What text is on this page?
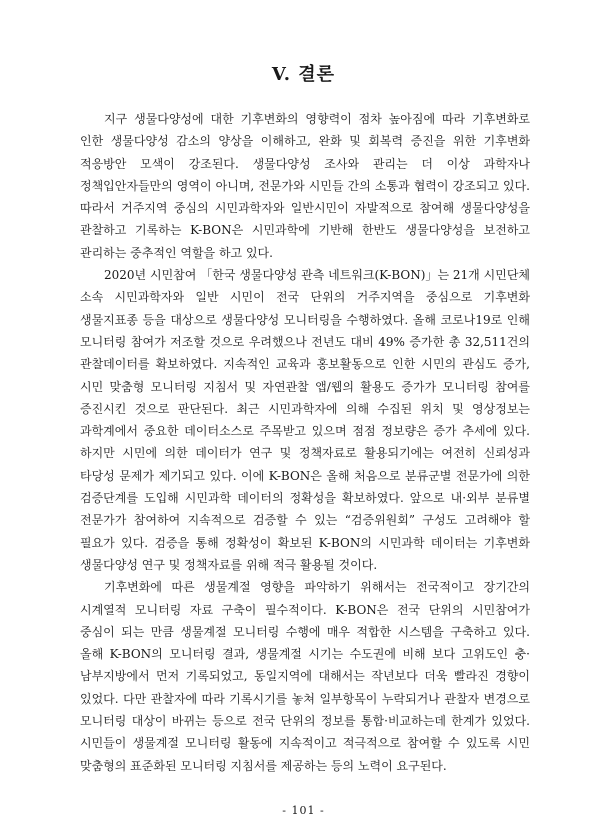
V. 결론

지구 생물다양성에 대한 기후변화의 영향력이 점차 높아짐에 따라 기후변화로 인한 생물다양성 감소의 양상을 이해하고, 완화 및 회복력 증진을 위한 기후변화 적응방안 모색이 강조된다. 생물다양성 조사와 관리는 더 이상 과학자나 정책입안자들만의 영역이 아니며, 전문가와 시민들 간의 소통과 협력이 강조되고 있다. 따라서 거주지역 중심의 시민과학자와 일반시민이 자발적으로 참여해 생물다양성을 관찰하고 기록하는 K-BON은 시민과학에 기반해 한반도 생물다양성을 보전하고 관리하는 중추적인 역할을 하고 있다.

2020년 시민참여 「한국 생물다양성 관측 네트워크(K-BON)」는 21개 시민단체 소속 시민과학자와 일반 시민이 전국 단위의 거주지역을 중심으로 기후변화 생물지표종 등을 대상으로 생물다양성 모니터링을 수행하였다. 올해 코로나19로 인해 모니터링 참여가 저조할 것으로 우려했으나 전년도 대비 49% 증가한 총 32,511건의 관찰데이터를 확보하였다. 지속적인 교육과 홍보활동으로 인한 시민의 관심도 증가, 시민 맞춤형 모니터링 지침서 및 자연관찰 앱/웹의 활용도 증가가 모니터링 참여를 증진시킨 것으로 판단된다. 최근 시민과학자에 의해 수집된 위치 및 영상정보는 과학계에서 중요한 데이터소스로 주목받고 있으며 점점 정보량은 증가 추세에 있다. 하지만 시민에 의한 데이터가 연구 및 정책자료로 활용되기에는 여전히 신뢰성과 타당성 문제가 제기되고 있다. 이에 K-BON은 올해 처음으로 분류군별 전문가에 의한 검증단계를 도입해 시민과학 데이터의 정확성을 확보하였다. 앞으로 내·외부 분류별 전문가가 참여하여 지속적으로 검증할 수 있는 “검증위원회” 구성도 고려해야 할 필요가 있다. 검증을 통해 정확성이 확보된 K-BON의 시민과학 데이터는 기후변화 생물다양성 연구 및 정책자료를 위해 적극 활용될 것이다.

기후변화에 따른 생물계절 영향을 파악하기 위해서는 전국적이고 장기간의 시계열적 모니터링 자료 구축이 필수적이다. K-BON은 전국 단위의 시민참여가 중심이 되는 만큼 생물계절 모니터링 수행에 매우 적합한 시스템을 구축하고 있다. 올해 K-BON의 모니터링 결과, 생물계절 시기는 수도권에 비해 보다 고위도인 충·남부지방에서 먼저 기록되었고, 동일지역에 대해서는 작년보다 더욱 빨라진 경향이 있었다. 다만 관찰자에 따라 기록시기를 놓쳐 일부항목이 누락되거나 관찰자 변경으로 모니터링 대상이 바뀌는 등으로 전국 단위의 정보를 통합·비교하는데 한계가 있었다. 시민들이 생물계절 모니터링 활동에 지속적이고 적극적으로 참여할 수 있도록 시민 맞춤형의 표준화된 모니터링 지침서를 제공하는 등의 노력이 요구된다.

- 101 -
